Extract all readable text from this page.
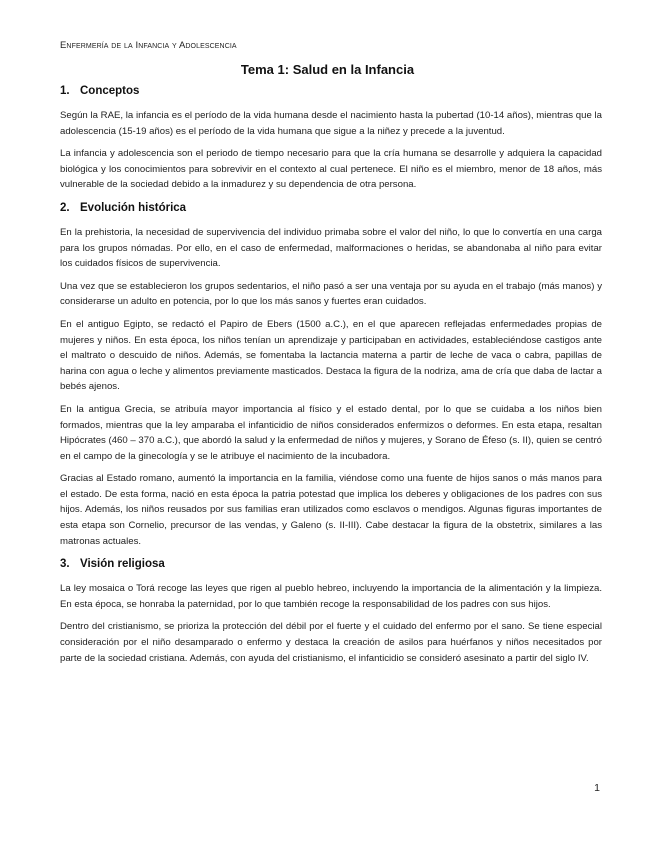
Enfermería de la Infancia y Adolescencia
Tema 1: Salud en la Infancia
1. Conceptos

Según la RAE, la infancia es el período de la vida humana desde el nacimiento hasta la pubertad (10-14 años), mientras que la adolescencia (15-19 años) es el período de la vida humana que sigue a la niñez y precede a la juventud.

La infancia y adolescencia son el periodo de tiempo necesario para que la cría humana se desarrolle y adquiera la capacidad biológica y los conocimientos para sobrevivir en el contexto al cual pertenece. El niño es el miembro, menor de 18 años, más vulnerable de la sociedad debido a la inmadurez y su dependencia de otra persona.

2. Evolución histórica

En la prehistoria, la necesidad de supervivencia del individuo primaba sobre el valor del niño, lo que lo convertía en una carga para los grupos nómadas. Por ello, en el caso de enfermedad, malformaciones o heridas, se abandonaba al niño para evitar los cuidados físicos de supervivencia.

Una vez que se establecieron los grupos sedentarios, el niño pasó a ser una ventaja por su ayuda en el trabajo (más manos) y considerarse un adulto en potencia, por lo que los más sanos y fuertes eran cuidados.

En el antiguo Egipto, se redactó el Papiro de Ebers (1500 a.C.), en el que aparecen reflejadas enfermedades propias de mujeres y niños. En esta época, los niños tenían un aprendizaje y participaban en actividades, estableciéndose castigos ante el maltrato o descuido de niños. Además, se fomentaba la lactancia materna a partir de leche de vaca o cabra, papillas de harina con agua o leche y alimentos previamente masticados. Destaca la figura de la nodriza, ama de cría que daba de lactar a bebés ajenos.

En la antigua Grecia, se atribuía mayor importancia al físico y el estado dental, por lo que se cuidaba a los niños bien formados, mientras que la ley amparaba el infanticidio de niños considerados enfermizos o deformes. En esta etapa, resaltan Hipócrates (460 – 370 a.C.), que abordó la salud y la enfermedad de niños y mujeres, y Sorano de Éfeso (s. II), quien se centró en el campo de la ginecología y se le atribuye el nacimiento de la incubadora.

Gracias al Estado romano, aumentó la importancia en la familia, viéndose como una fuente de hijos sanos o más manos para el estado. De esta forma, nació en esta época la patria potestad que implica los deberes y obligaciones de los padres con sus hijos. Además, los niños reusados por sus familias eran utilizados como esclavos o mendigos. Algunas figuras importantes de esta etapa son Cornelio, precursor de las vendas, y Galeno (s. II-III). Cabe destacar la figura de la obstetrix, similares a las matronas actuales.

3. Visión religiosa

La ley mosaica o Torá recoge las leyes que rigen al pueblo hebreo, incluyendo la importancia de la alimentación y la limpieza. En esta época, se honraba la paternidad, por lo que también recoge la responsabilidad de los padres con sus hijos.

Dentro del cristianismo, se prioriza la protección del débil por el fuerte y el cuidado del enfermo por el sano. Se tiene especial consideración por el niño desamparado o enfermo y destaca la creación de asilos para huérfanos y niños necesitados por parte de la sociedad cristiana. Además, con ayuda del cristianismo, el infanticidio se consideró asesinato a partir del siglo IV.

1
